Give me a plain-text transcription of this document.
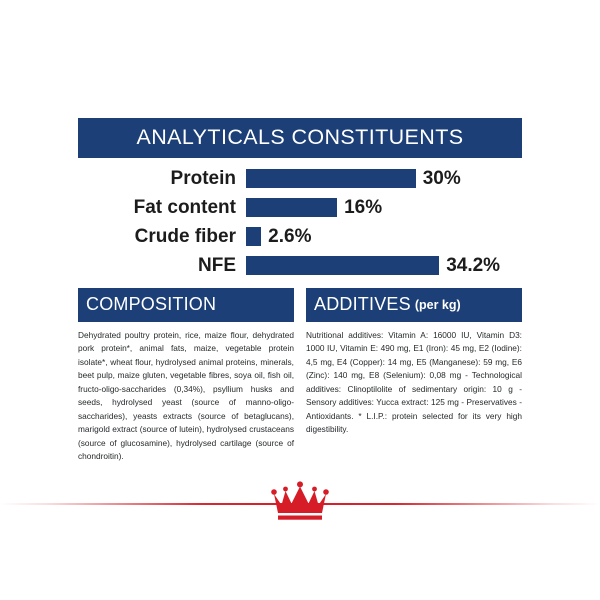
ANALYTICALS CONSTITUENTS
Protein	30%
Fat content	16%
Crude fiber	2.6%
NFE	34.2%
COMPOSITION
Dehydrated poultry protein, rice, maize flour, dehydrated pork protein*, animal fats, maize, vegetable protein isolate*, wheat flour, hydrolysed animal proteins, minerals, beet pulp, maize gluten, vegetable fibres, soya oil, fish oil, fructo-oligo-saccharides (0,34%), psyllium husks and seeds, hydrolysed yeast (source of manno-oligo-saccharides), yeasts extracts (source of betaglucans), marigold extract (source of lutein), hydrolysed crustaceans (source of glucosamine), hydrolysed cartilage (source of chondroitin).
ADDITIVES (per kg)
Nutritional additives: Vitamin A: 16000 IU, Vitamin D3: 1000 IU, Vitamin E: 490 mg, E1 (Iron): 45 mg, E2 (Iodine): 4,5 mg, E4 (Copper): 14 mg, E5 (Manganese): 59 mg, E6 (Zinc): 140 mg, E8 (Selenium): 0,08 mg - Technological additives: Clinoptilolite of sedimentary origin: 10 g - Sensory additives: Yucca extract: 125 mg - Preservatives - Antioxidants. * L.I.P.: protein selected for its very high digestibility.
